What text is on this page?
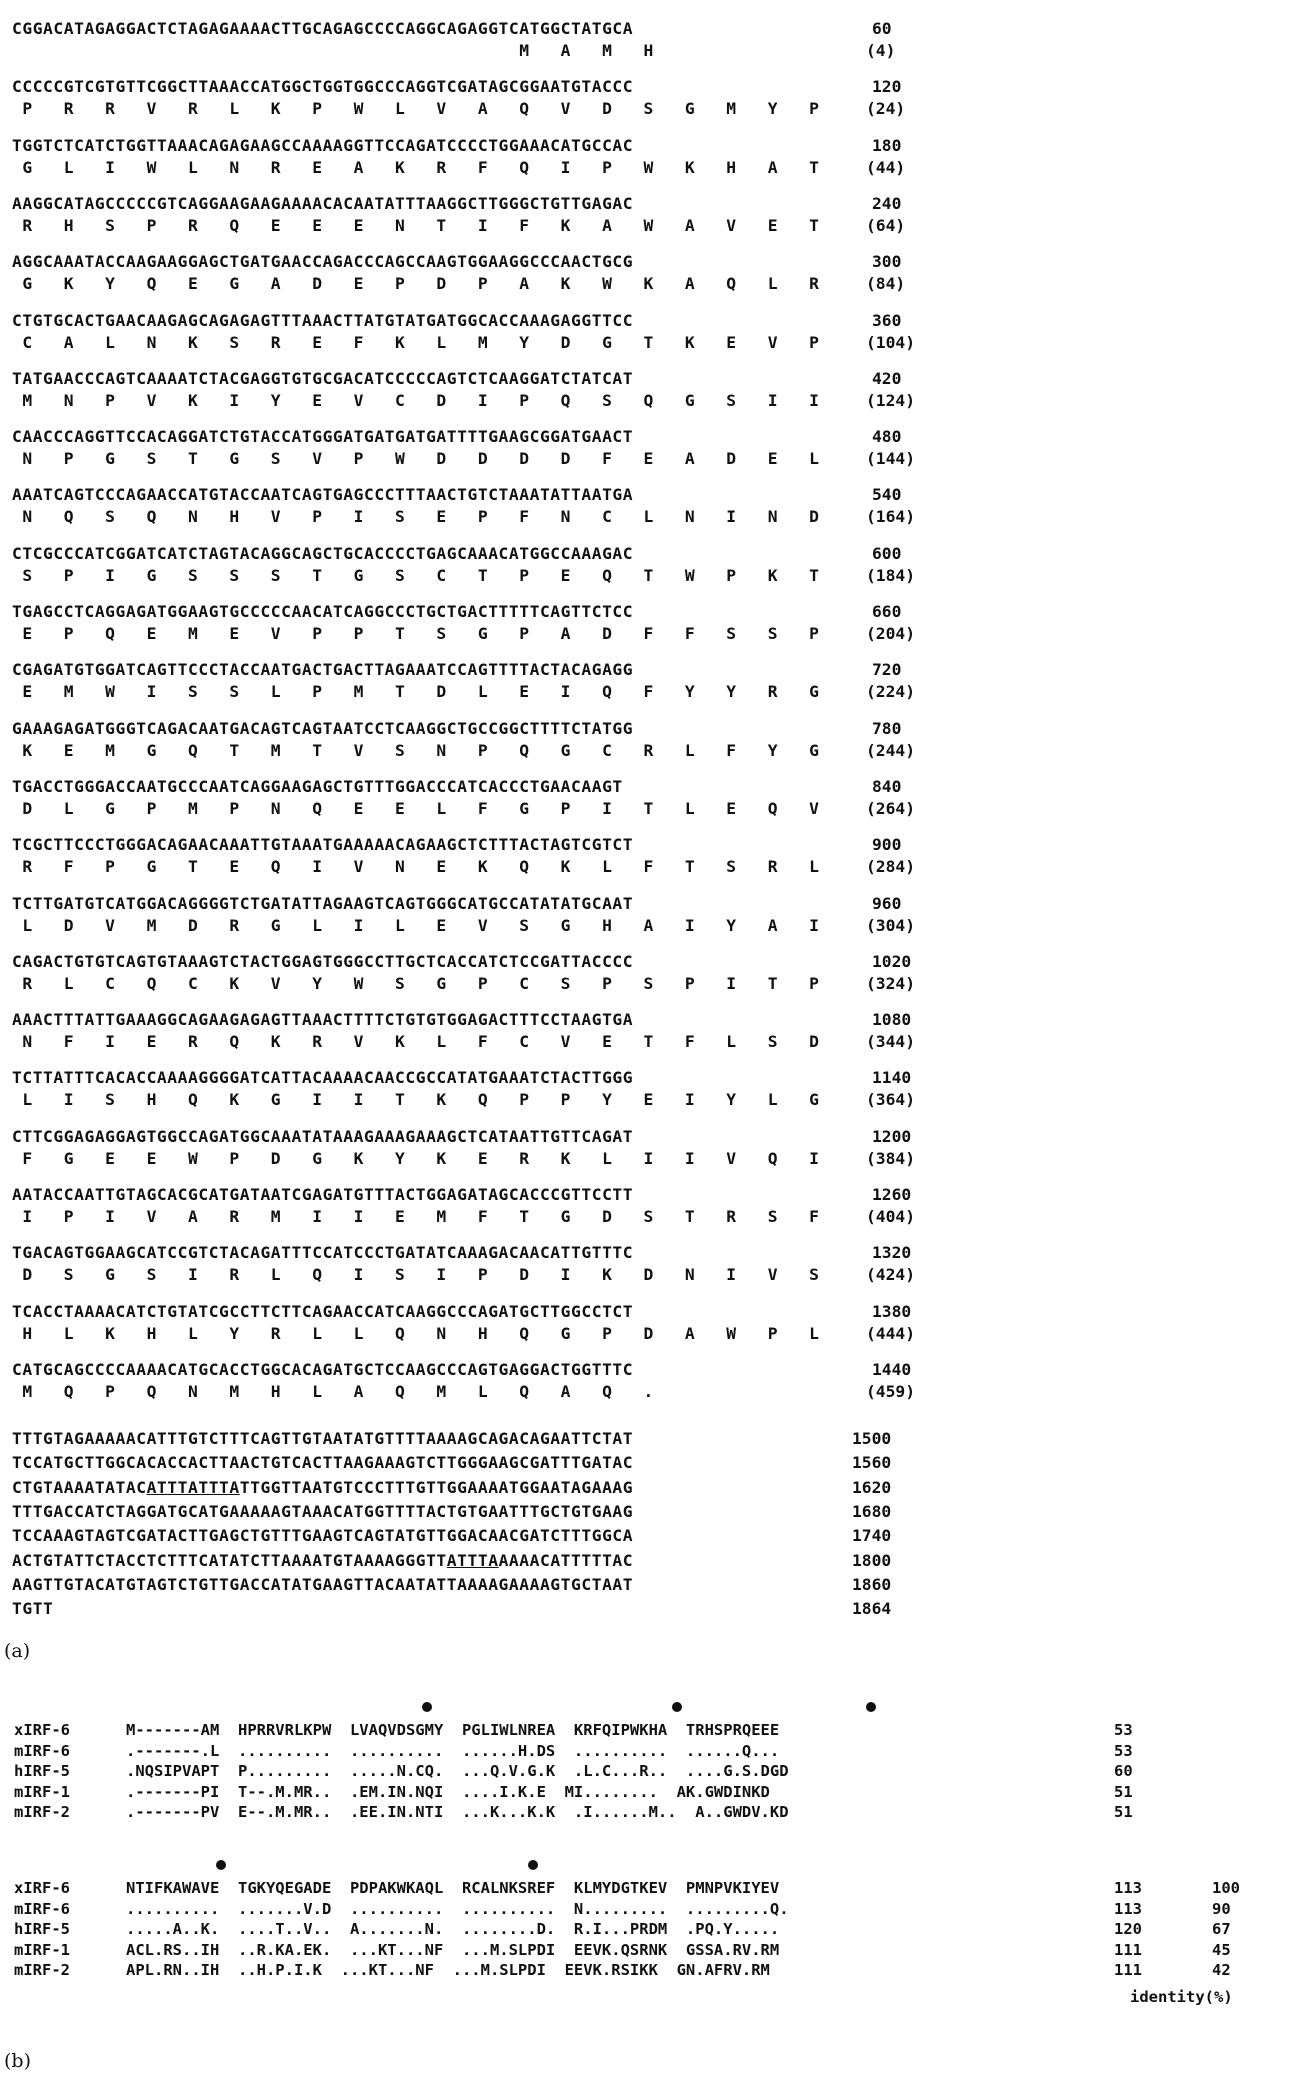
CGGACATAGAGGACTCTAGAGAAAACTTGCAGAGCCCCAGGCAGAGGTCATGGCTATGCA	60
M   A   M   H	(4)
CCCCCGTCGTGTTCGGCTTAAACCATGGCTGGTGGCCCAGGTCGATAGCGGAATGTACCC	120
P   R   R   V   R   L   K   P   W   L   V   A   Q   V   D   S   G   M   Y   P	(24)
TGGTCTCATCTGGTTAAACAGAGAAGCCAAAAGGTTCCAGATCCCCTGGAAACATGCCAC	180
G   L   I   W   L   N   R   E   A   K   R   F   Q   I   P   W   K   H   A   T	(44)
AAGGCATAGCCCCCGTCAGGAAGAAGAAAACACAATATTTAAGGCTTGGGCTGTTGAGAC	240
R   H   S   P   R   Q   E   E   E   N   T   I   F   K   A   W   A   V   E   T	(64)
AGGCAAATACCAAGAAGGAGCTGATGAACCAGACCCAGCCAAGTGGAAGGCCCAACTGCG	300
G   K   Y   Q   E   G   A   D   E   P   D   P   A   K   W   K   A   Q   L   R	(84)
CTGTGCACTGAACAAGAGCAGAGAGTTTAAACTTATGTATGATGGCACCAAAGAGGTTCC	360
C   A   L   N   K   S   R   E   F   K   L   M   Y   D   G   T   K   E   V   P	(104)
TATGAACCCAGTCAAAATCTACGAGGTGTGCGACATCCCCCAGTCTCAAGGATCTATCAT	420
M   N   P   V   K   I   Y   E   V   C   D   I   P   Q   S   Q   G   S   I   I	(124)
CAACCCAGGTTCCACAGGATCTGTACCATGGGATGATGATGATTTTGAAGCGGATGAACT	480
N   P   G   S   T   G   S   V   P   W   D   D   D   D   F   E   A   D   E   L	(144)
AAATCAGTCCCAGAACCATGTACCAATCAGTGAGCCCTTTAACTGTCTAAATATTAATGA	540
N   Q   S   Q   N   H   V   P   I   S   E   P   F   N   C   L   N   I   N   D	(164)
CTCGCCCATCGGATCATCTAGTACAGGCAGCTGCACCCCTGAGCAAACATGGCCAAAGAC	600
S   P   I   G   S   S   S   T   G   S   C   T   P   E   Q   T   W   P   K   T	(184)
TGAGCCTCAGGAGATGGAAGTGCCCCCAACATCAGGCCCTGCTGACTTTTTCAGTTCTCC	660
E   P   Q   E   M   E   V   P   P   T   S   G   P   A   D   F   F   S   S   P	(204)
CGAGATGTGGATCAGTTCCCTACCAATGACTGACTTAGAAATCCAGTTTTACTACAGAGG	720
E   M   W   I   S   S   L   P   M   T   D   L   E   I   Q   F   Y   Y   R   G	(224)
GAAAGAGATGGGTCAGACAATGACAGTCAGTAATCCTCAAGGCTGCCGGCTTTTCTATGG	780
K   E   M   G   Q   T   M   T   V   S   N   P   Q   G   C   R   L   F   Y   G	(244)
TGACCTGGGACCAATGCCCAATCAGGAAGAGCTGTTTGGACCCATCACCCTGAACAAGT	840
D   L   G   P   M   P   N   Q   E   E   L   F   G   P   I   T   L   E   Q   V	(264)
TCGCTTCCCTGGGACAGAACAAATTGTAAATGAAAAACAGAAGCTCTTTACTAGTCGTCT	900
R   F   P   G   T   E   Q   I   V   N   E   K   Q   K   L   F   T   S   R   L	(284)
TCTTGATGTCATGGACAGGGGTCTGATATTAGAAGTCAGTGGGCATGCCATATATGCAAT	960
L   D   V   M   D   R   G   L   I   L   E   V   S   G   H   A   I   Y   A   I	(304)
CAGACTGTGTCAGTGTAAAGTCTACTGGAGTGGGCCTTGCTCACCATCTCCGATTACCCC	1020
R   L   C   Q   C   K   V   Y   W   S   G   P   C   S   P   S   P   I   T   P	(324)
AAACTTTATTGAAAGGCAGAAGAGAGTTAAACTTTTCTGTGTGGAGACTTTCCTAAGTGA	1080
N   F   I   E   R   Q   K   R   V   K   L   F   C   V   E   T   F   L   S   D	(344)
TCTTATTTCACACCAAAAGGGGATCATTACAAAACAACCGCCATATGAAATCTACTTGGG	1140
L   I   S   H   Q   K   G   I   I   T   K   Q   P   P   Y   E   I   Y   L   G	(364)
CTTCGGAGAGGAGTGGCCAGATGGCAAATATAAAGAAAGAAAGCTCATAATTGTTCAGAT	1200
F   G   E   E   W   P   D   G   K   Y   K   E   R   K   L   I   I   V   Q   I	(384)
AATACCAATTGTAGCACGCATGATAATCGAGATGTTTACTGGAGATAGCACCCGTTCCTT	1260
I   P   I   V   A   R   M   I   I   E   M   F   T   G   D   S   T   R   S   F	(404)
TGACAGTGGAAGCATCCGTCTACAGATTTCCATCCCTGATATCAAAGACAACATTGTTTC	1320
D   S   G   S   I   R   L   Q   I   S   I   P   D   I   K   D   N   I   V   S	(424)
TCACCTAAAACATCTGTATCGCCTTCTTCAGAACCATCAAGGCCCAGATGCTTGGCCTCT	1380
H   L   K   H   L   Y   R   L   L   Q   N   H   Q   G   P   D   A   W   P   L	(444)
CATGCAGCCCCAAAACATGCACCTGGCACAGATGCTCCAAGCCCAGTGAGGACTGGTTTC	1440
M   Q   P   Q   N   M   H   L   A   Q   M   L   Q   A   Q   .	(459)
TTTGTAGAAAAACATTTGTCTTTCAGTTGTAATATGTTTTAAAAGCAGACAGAATTCTAT	1500
TCCATGCTTGGCACACCACTTAACTGTCACTTAAGAAAGTCTTGGGAAGCGATTTGATAC	1560
CTGTAAAATATACATTTATTTATTGGTTAATGTCCCTTTGTTGGAAAATGGAATAGAAAG	1620
TTTGACCATCTAGGATGCATGAAAAAGTAAACATGGTTTTACTGTGAATTTGCTGTGAAG	1680
TCCAAAGTAGTCGATACTTGAGCTGTTTGAAGTCAGTATGTTGGACAACGATCTTTGGCA	1740
ACTGTATTCTACCTCTTTCATATCTTAAAATGTAAAAGGGTTATTTAAAAACATTTTTAC	1800
AAGTTGTACATGTAGTCTGTTGACCATATGAAGTTACAATATTAAAAGAAAAGTGCTAAT	1860
TGTT	1864
xIRF-6	M-------AM  HPRRVRLKPW  LVAQVDSGMY  PGLIWLNREA  KRFQIPWKHA  TRHSPRQEEE	53
mIRF-6	.-------.L  ..........  ..........  ......H.DS  ..........  ......Q...	53
hIRF-5	.NQSIPVAPT  P.........  .....N.CQ.  ...Q.V.G.K  .L.C...R..  ....G.S.DGD	60
mIRF-1	.-------PI  T--.M.MR..  .EM.IN.NQI  ....I.K.E  MI........  AK.GWDINKD	51
mIRF-2	.-------PV  E--.M.MR..  .EE.IN.NTI  ...K...K.K  .I......M..  A..GWDV.KD	51
xIRF-6	NTIFKAWAVE  TGKYQEGADE  PDPAKWKAQL  RCALNKSREF  KLMYDGTKEV  PMNPVKIYEV	113	100
mIRF-6	..........  .......V.D  ..........  ..........  N.........  .........Q.	113	90
hIRF-5	.....A..K.  ....T..V..  A.......N.  ........D.  R.I...PRDM  .PQ.Y.....	120	67
mIRF-1	ACL.RS..IH  ..R.KA.EK.  ...KT...NF  ...M.SLPDI  EEVK.QSRNK  GSSA.RV.RM	111	45
mIRF-2	APL.RN..IH  ..H.P.I.K  ...KT...NF  ...M.SLPDI  EEVK.RSIKK  GN.AFRV.RM	111	42
identity(%)
(a)
(b)
